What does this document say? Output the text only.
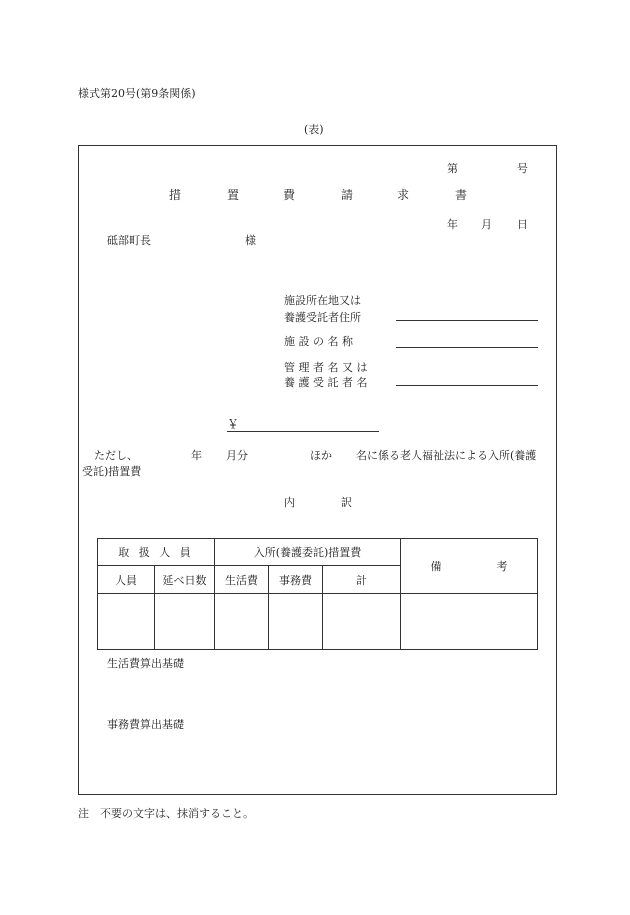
様式第20号(第9条関係)
(表)
第	号
措	置	費	請	求	書
年 月 日
砥部町長	様
施設所在地又は
養護受託者住所
施 設 の 名 称
管 理 者 名 又 は
養 護 受 託 者 名
￥
ただし、	年 月分	ほか 名に係る老人福祉法による入所(養護
受託)措置費
内	訳
取 扱 人 員		入所(養護委託)措置費			備　　　　　考
人員	延べ日数	生活費	事務費	計	

生活費算出基礎
事務費算出基礎
注　不要の文字は、抹消すること。
